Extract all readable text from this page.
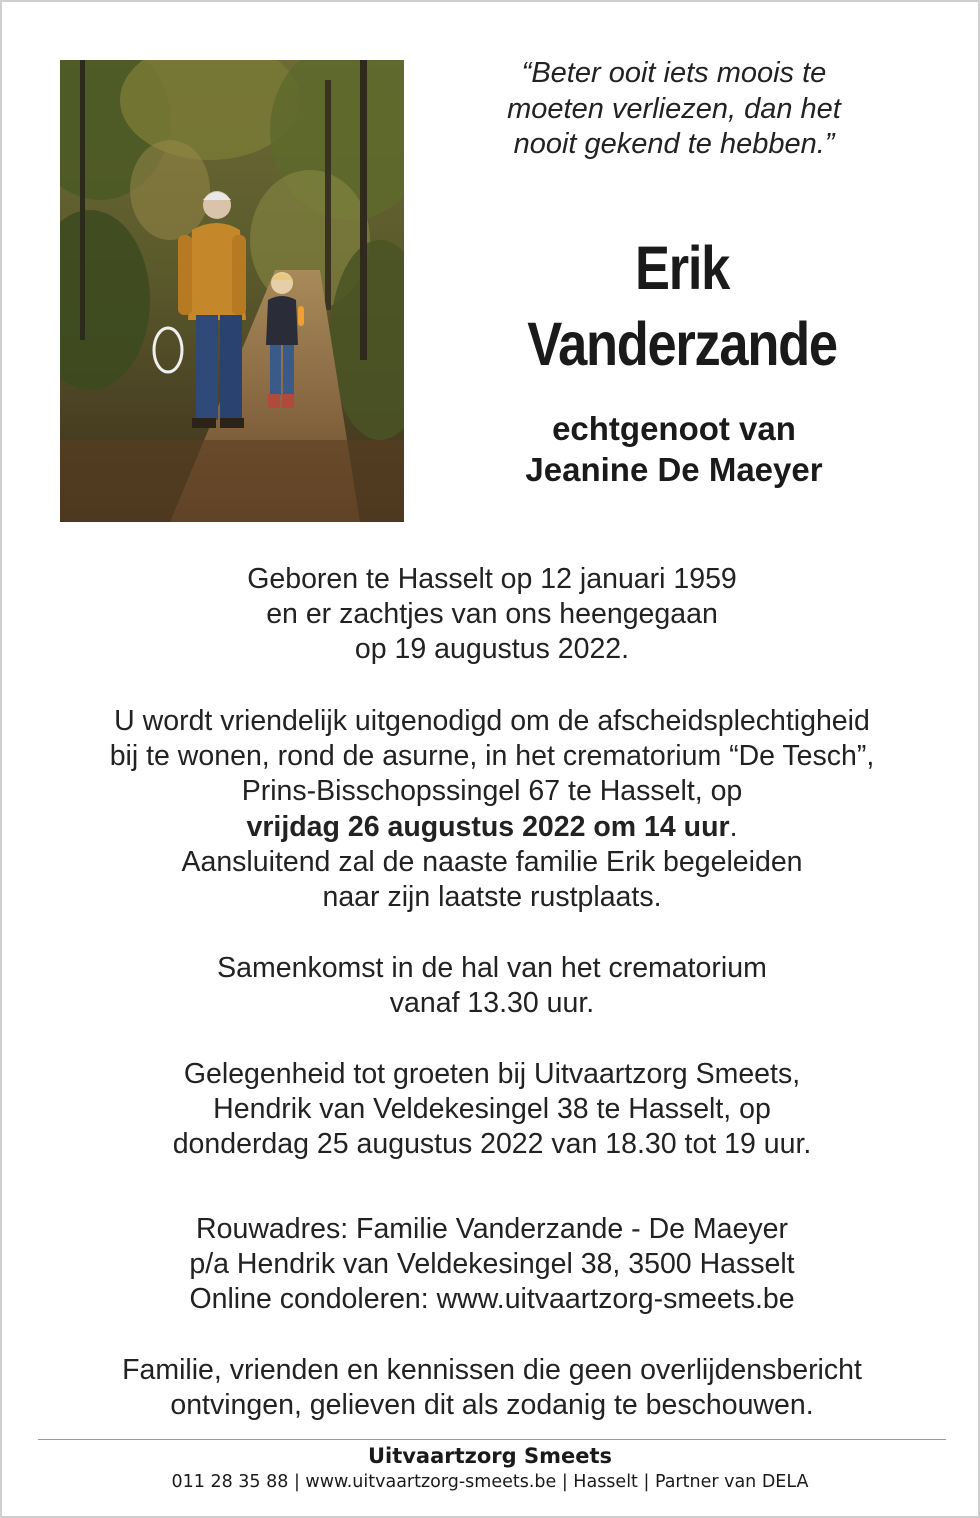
“Beter ooit iets moois te
moeten verliezen, dan het
nooit gekend te hebben.”
Erik
Vanderzande
echtgenoot van
Jeanine De Maeyer

Geboren te Hasselt op 12 januari 1959

en er zachtjes van ons heengegaan

op 19 augustus 2022.

U wordt vriendelijk uitgenodigd om de afscheidsplechtigheid

bij te wonen, rond de asurne, in het crematorium “De Tesch”,

Prins-Bisschopssingel 67 te Hasselt, op

vrijdag 26 augustus 2022 om 14 uur.

Aansluitend zal de naaste familie Erik begeleiden

naar zijn laatste rustplaats.

Samenkomst in de hal van het crematorium

vanaf 13.30 uur.

Gelegenheid tot groeten bij Uitvaartzorg Smeets,

Hendrik van Veldekesingel 38 te Hasselt, op

donderdag 25 augustus 2022 van 18.30 tot 19 uur.

Rouwadres: Familie Vanderzande - De Maeyer

p/a Hendrik van Veldekesingel 38, 3500 Hasselt

Online condoleren: www.uitvaartzorg-smeets.be

Familie, vrienden en kennissen die geen overlijdensbericht

ontvingen, gelieven dit als zodanig te beschouwen.

Uitvaartzorg Smeets
011 28 35 88 | www.uitvaartzorg-smeets.be | Hasselt | Partner van DELA
